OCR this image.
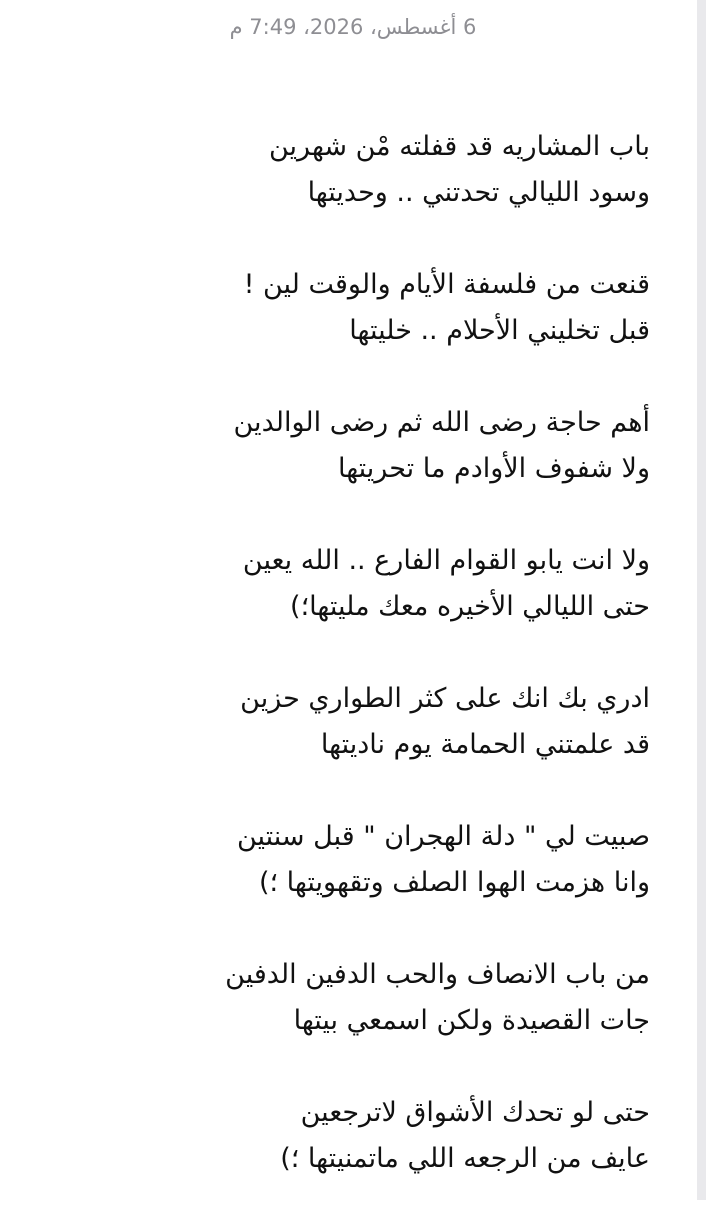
6 أغسطس، 2026، 7:49 م
باب المشاريه قد قفلته مْن شهرين
وسود الليالي تحدتني .. وحديتها
قنعت من فلسفة الأيام والوقت لين !
قبل تخليني الأحلام .. خليتها
أهم حاجة رضى الله ثم رضى الوالدين
ولا شفوف الأوادم ما تحريتها
ولا انت يابو القوام الفارع .. الله يعين
حتى الليالي الأخيره معك مليتها؛)
ادري بك انك على كثر الطواري حزين
قد علمتني الحمامة يوم ناديتها
صبيت لي " دلة الهجران " قبل سنتين
وانا هزمت الهوا الصلف وتقهويتها ؛)
من باب الانصاف والحب الدفين الدفين
جات القصيدة ولكن اسمعي بيتها
حتى لو تحدك الأشواق لاترجعين
عايف من الرجعه اللي ماتمنيتها ؛)
